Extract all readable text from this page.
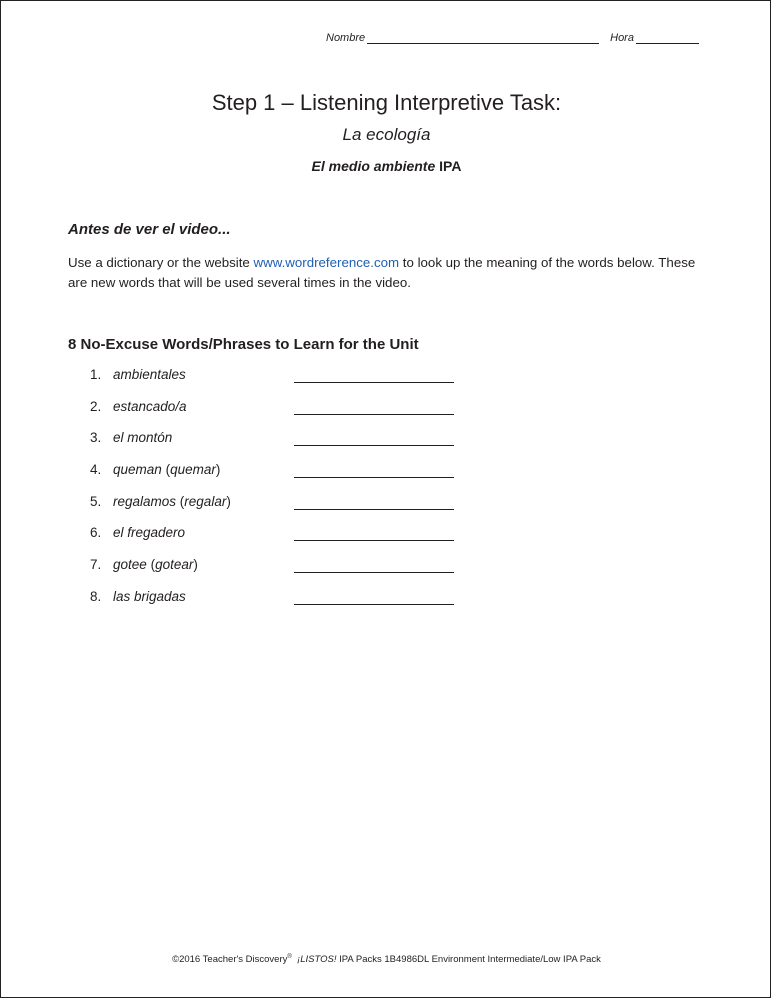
Nombre	Hora
Step 1 – Listening Interpretive Task:
La ecología
El medio ambiente IPA
Antes de ver el video...
Use a dictionary or the website www.wordreference.com to look up the meaning of the words below. These are new words that will be used several times in the video.
8 No-Excuse Words/Phrases to Learn for the Unit
1. ambientales
2. estancado/a
3. el montón
4. queman (quemar)
5. regalamos (regalar)
6. el fregadero
7. gotee (gotear)
8. las brigadas
©2016 Teacher's Discovery® ¡LISTOS! IPA Packs 1B4986DL Environment Intermediate/Low IPA Pack
